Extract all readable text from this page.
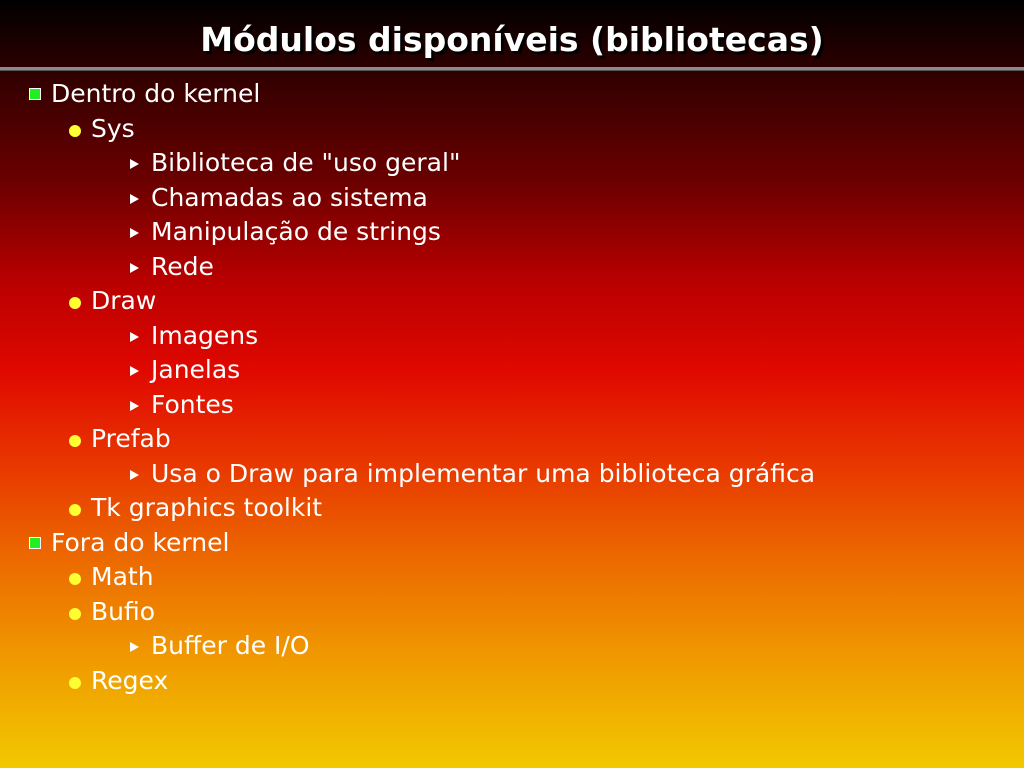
Módulos disponíveis (bibliotecas)
Dentro do kernel
Sys
Biblioteca de "uso geral"
Chamadas ao sistema
Manipulação de strings
Rede
Draw
Imagens
Janelas
Fontes
Prefab
Usa o Draw para implementar uma biblioteca gráfica
Tk graphics toolkit
Fora do kernel
Math
Bufio
Buffer de I/O
Regex
